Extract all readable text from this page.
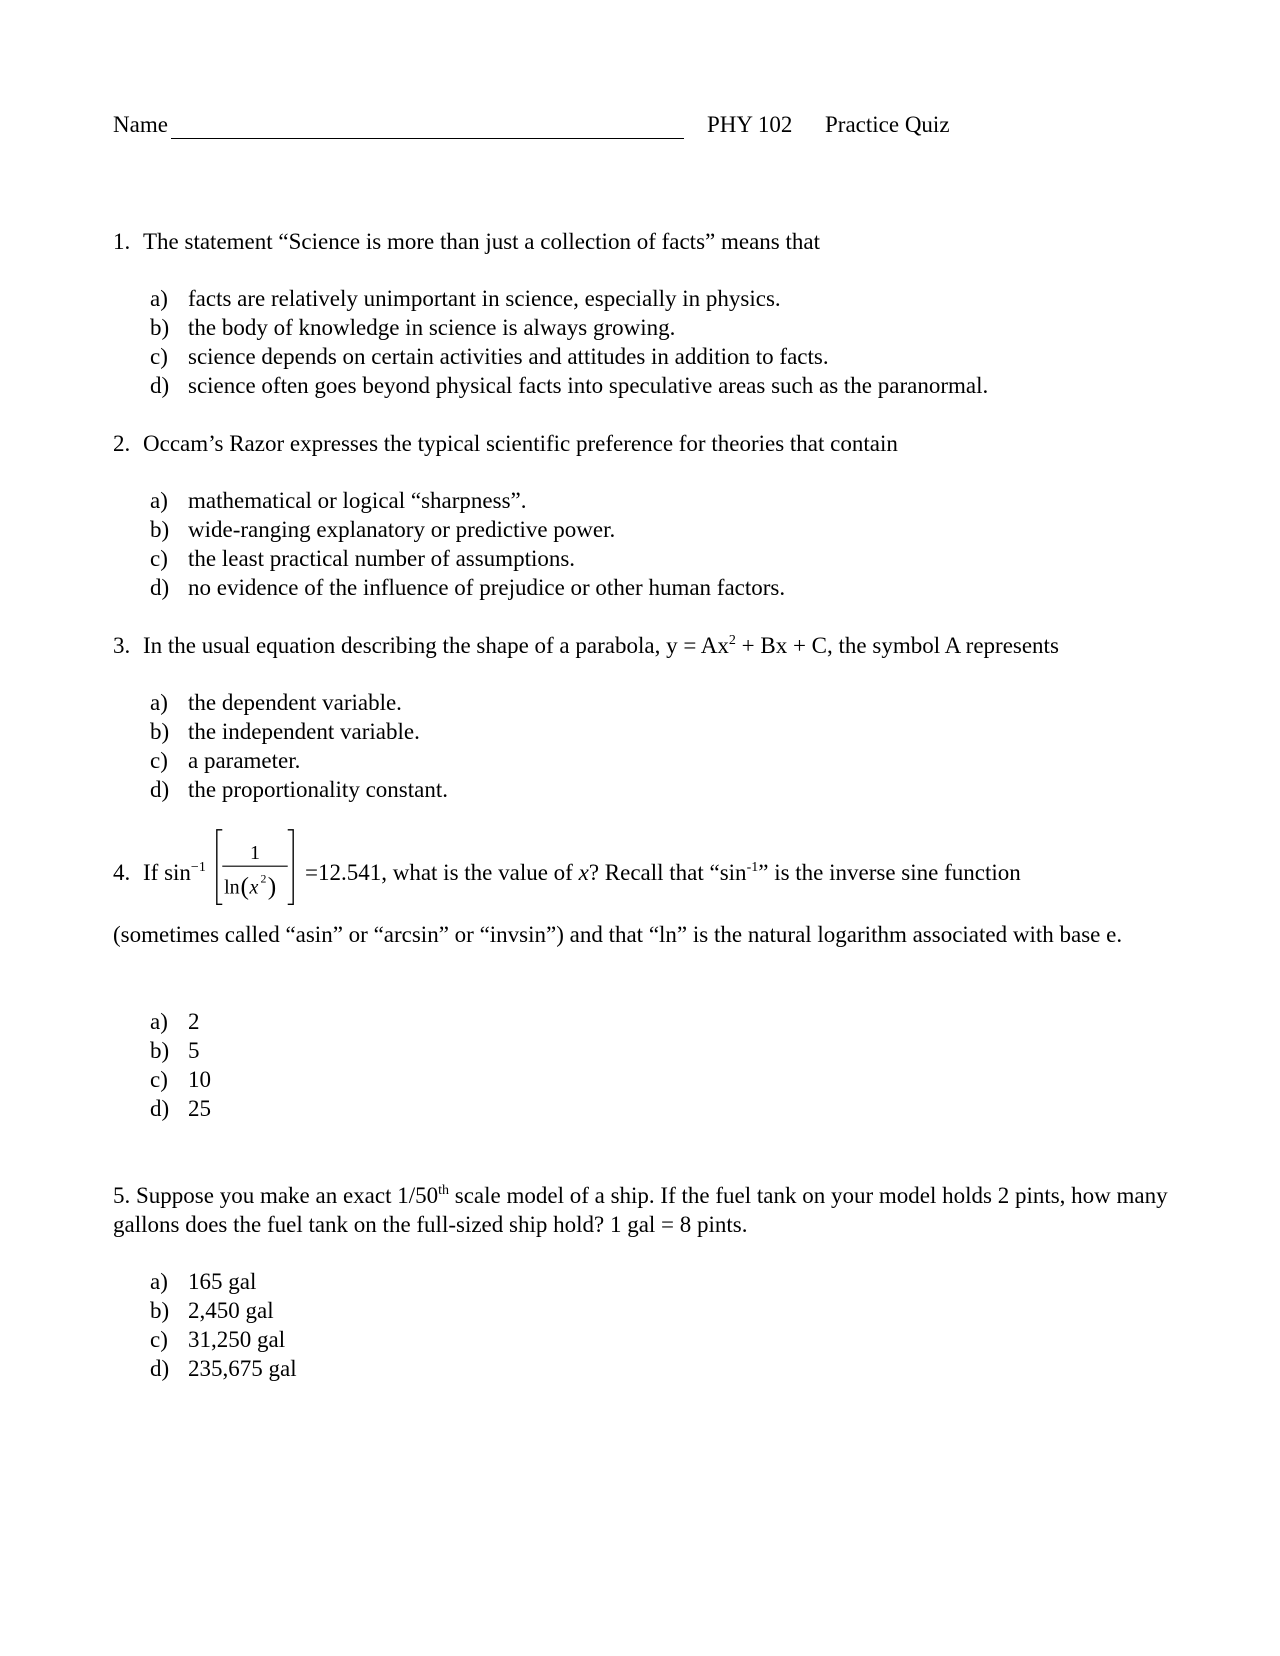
Name	PHY 102 Practice Quiz
1. The statement “Science is more than just a collection of facts” means that
a) facts are relatively unimportant in science, especially in physics.
b) the body of knowledge in science is always growing.
c) science depends on certain activities and attitudes in addition to facts.
d) science often goes beyond physical facts into speculative areas such as the paranormal.
2. Occam’s Razor expresses the typical scientific preference for theories that contain
a) mathematical or logical “sharpness”.
b) wide-ranging explanatory or predictive power.
c) the least practical number of assumptions.
d) no evidence of the influence of prejudice or other human factors.
3. In the usual equation describing the shape of a parabola, $y = Ax^2 + Bx + C$, the symbol A represents
a) the dependent variable.
b) the independent variable.
c) a parameter.
d) the proportionality constant.
4. If $\sin^{-1}$
1
ln ( x 2 ) =12.541, what is the value of x? Recall that “$\sin^{-1}$” is the inverse sine function
(sometimes called “asin” or “arcsin” or “invsin”) and that “ln” is the natural logarithm associated with base e.
a) 2
b) 5
c) 10
d) 25
5. Suppose you make an exact 1/50th scale model of a ship. If the fuel tank on your model holds 2 pints, how many gallons does the fuel tank on the full-sized ship hold? 1 gal = 8 pints.
a) 165 gal
b) 2,450 gal
c) 31,250 gal
d) 235,675 gal
